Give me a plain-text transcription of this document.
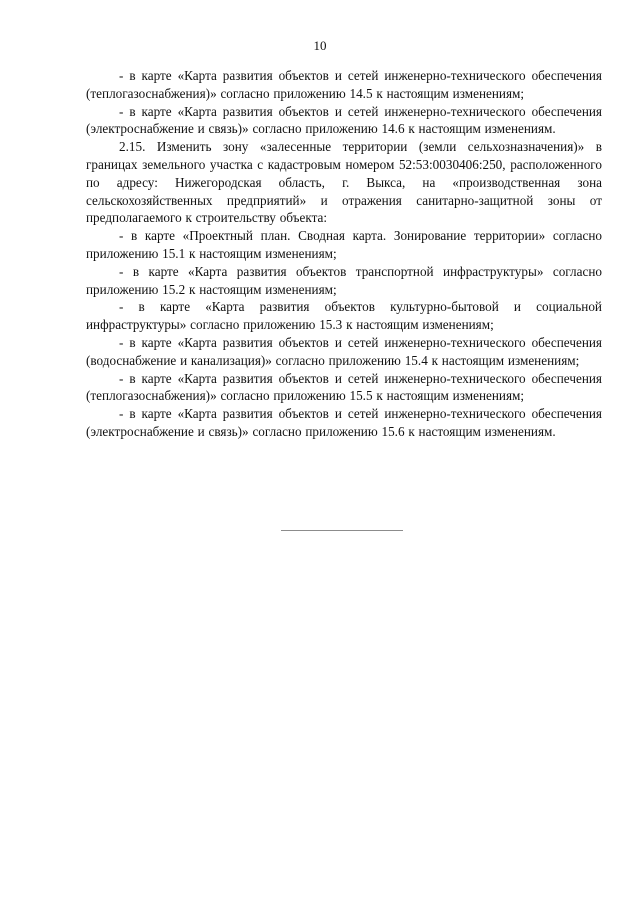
10

- в карте «Карта развития объектов и сетей инженерно-технического обеспечения (теплогазоснабжения)» согласно приложению 14.5 к настоящим изменениям;

- в карте «Карта развития объектов и сетей инженерно-технического обеспечения (электроснабжение и связь)» согласно приложению 14.6 к настоящим изменениям.

2.15. Изменить зону «залесенные территории (земли сельхозназначения)» в границах земельного участка с кадастровым номером 52:53:0030406:250, расположенного по адресу: Нижегородская область, г. Выкса, на «производственная зона сельскохозяйственных предприятий» и отражения санитарно-защитной зоны от предполагаемого к строительству объекта:

- в карте «Проектный план. Сводная карта. Зонирование территории» согласно приложению 15.1 к настоящим изменениям;

- в карте «Карта развития объектов транспортной инфраструктуры» согласно приложению 15.2 к настоящим изменениям;

- в карте «Карта развития объектов культурно-бытовой и социальной инфраструктуры» согласно приложению 15.3 к настоящим изменениям;

- в карте «Карта развития объектов и сетей инженерно-технического обеспечения (водоснабжение и канализация)» согласно приложению 15.4 к настоящим изменениям;

- в карте «Карта развития объектов и сетей инженерно-технического обеспечения (теплогазоснабжения)» согласно приложению 15.5 к настоящим изменениям;

- в карте «Карта развития объектов и сетей инженерно-технического обеспечения (электроснабжение и связь)» согласно приложению 15.6 к настоящим изменениям.
